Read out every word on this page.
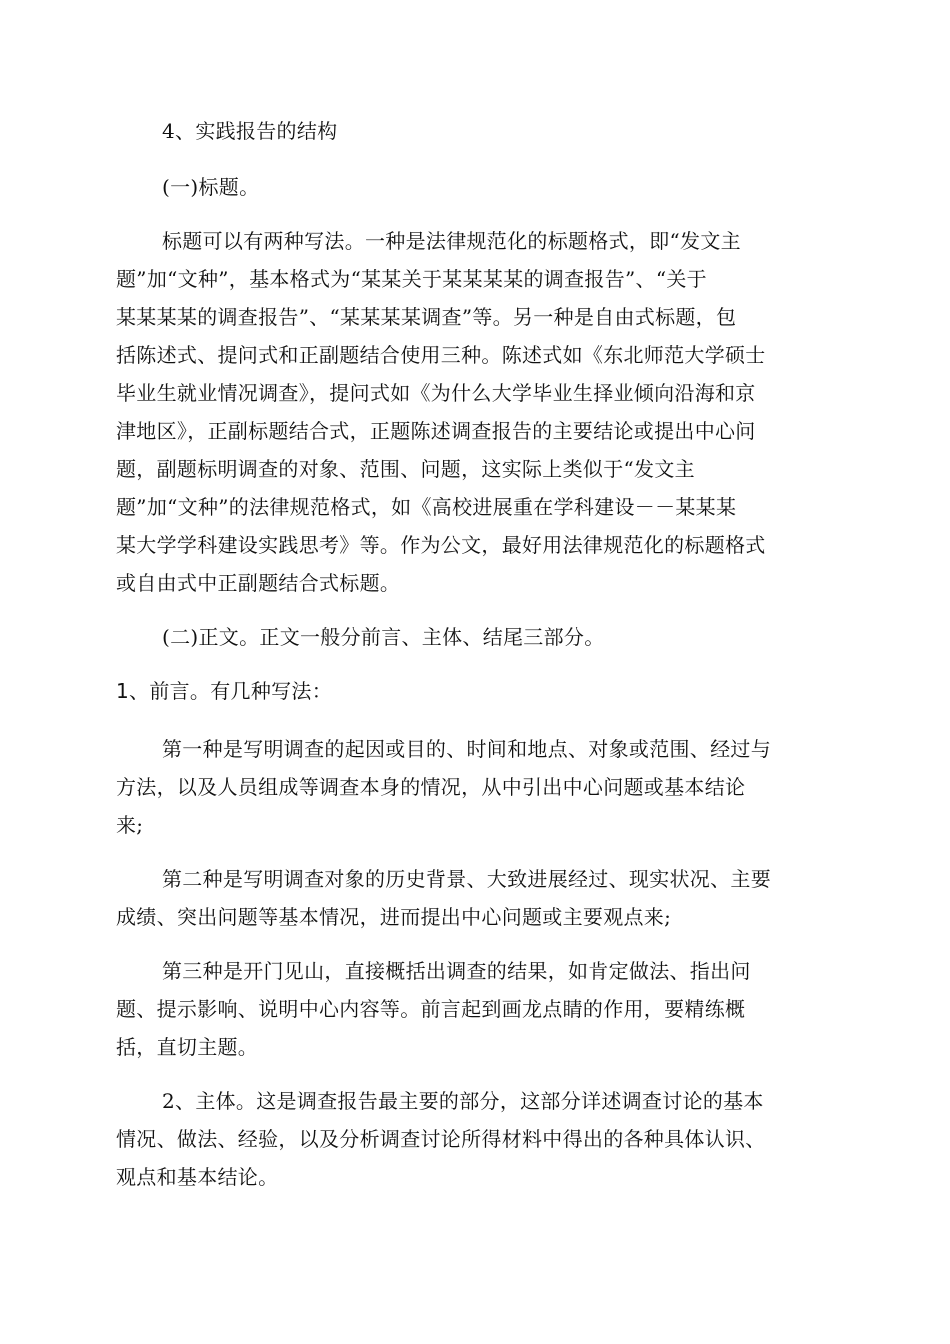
4、实践报告的结构

(一)标题。

标题可以有两种写法。一种是法律规范化的标题格式，即“发文主
题”加“文种”，基本格式为“某某关于某某某某的调查报告”、“关于
某某某某的调查报告”、“某某某某调查”等。另一种是自由式标题，包
括陈述式、提问式和正副题结合使用三种。陈述式如《东北师范大学硕士
毕业生就业情况调查》，提问式如《为什么大学毕业生择业倾向沿海和京
津地区》，正副标题结合式，正题陈述调查报告的主要结论或提出中心问
题，副题标明调查的对象、范围、问题，这实际上类似于“发文主
题”加“文种”的法律规范格式，如《高校进展重在学科建设－－某某某
某大学学科建设实践思考》等。作为公文，最好用法律规范化的标题格式
或自由式中正副题结合式标题。

(二)正文。正文一般分前言、主体、结尾三部分。

1、前言。有几种写法：

第一种是写明调查的起因或目的、时间和地点、对象或范围、经过与
方法，以及人员组成等调查本身的情况，从中引出中心问题或基本结论
来;

第二种是写明调查对象的历史背景、大致进展经过、现实状况、主要
成绩、突出问题等基本情况，进而提出中心问题或主要观点来;

第三种是开门见山，直接概括出调查的结果，如肯定做法、指出问
题、提示影响、说明中心内容等。前言起到画龙点睛的作用，要精练概
括，直切主题。

2、主体。这是调查报告最主要的部分，这部分详述调查讨论的基本
情况、做法、经验，以及分析调查讨论所得材料中得出的各种具体认识、
观点和基本结论。
